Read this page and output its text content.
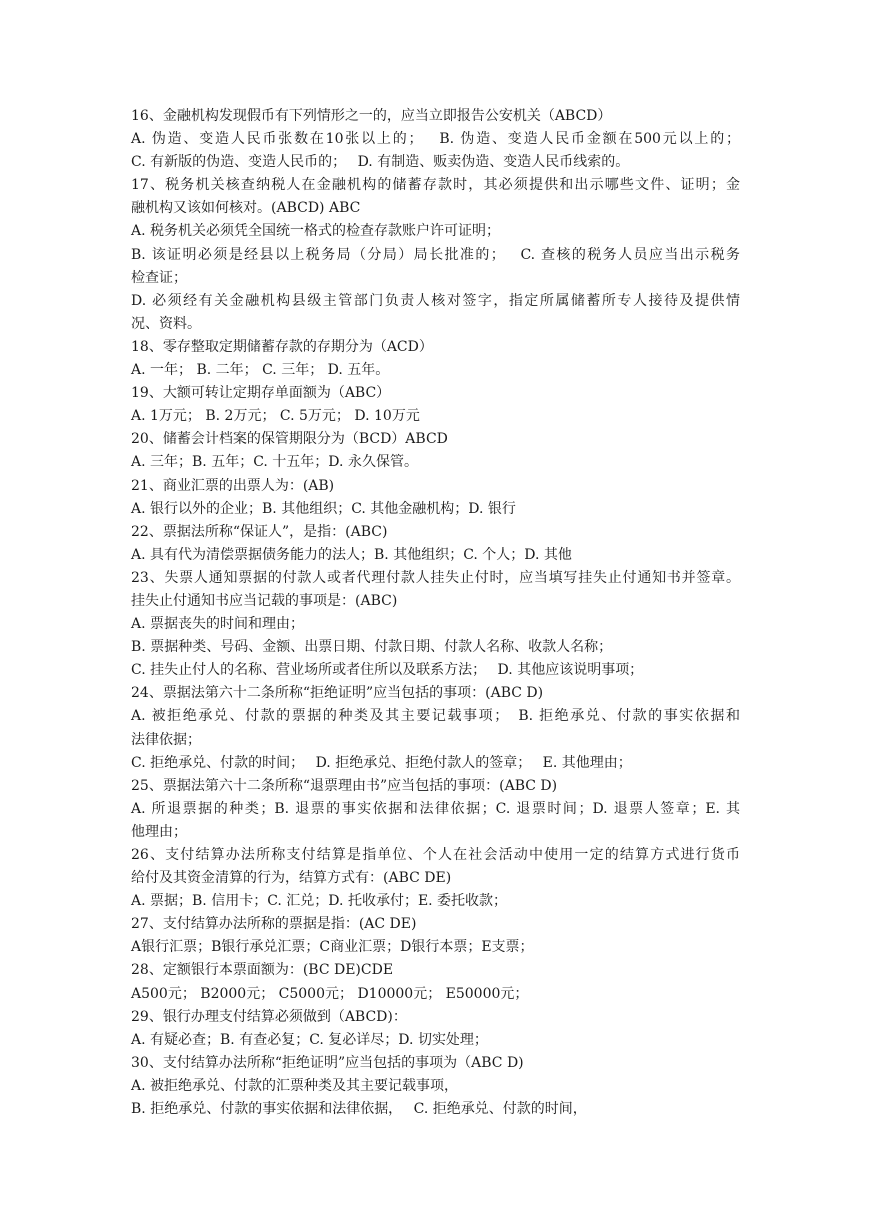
16、金融机构发现假币有下列情形之一的，应当立即报告公安机关（ABCD）
A. 伪造、变造人民币张数在10张以上的；　 B. 伪造、变造人民币金额在500元以上的；
C. 有新版的伪造、变造人民币的；　 D. 有制造、贩卖伪造、变造人民币线索的。
17、税务机关核查纳税人在金融机构的储蓄存款时，其必须提供和出示哪些文件、证明；金
融机构又该如何核对。(ABCD) ABC
A. 税务机关必须凭全国统一格式的检查存款账户许可证明；
B. 该证明必须是经县以上税务局（分局）局长批准的；　 C. 查核的税务人员应当出示税务
检查证；
D. 必须经有关金融机构县级主管部门负责人核对签字，指定所属储蓄所专人接待及提供情
况、资料。
18、零存整取定期储蓄存款的存期分为（ACD）
A. 一年； B. 二年； C. 三年； D. 五年。
19、大额可转让定期存单面额为（ABC）
A. 1万元； B. 2万元； C. 5万元； D. 10万元
20、储蓄会计档案的保管期限分为（BCD）ABCD
A. 三年；B. 五年；C. 十五年；D. 永久保管。
21、商业汇票的出票人为：(AB)
A. 银行以外的企业；B. 其他组织；C. 其他金融机构；D. 银行
22、票据法所称“保证人”，是指：(ABC)
A. 具有代为清偿票据债务能力的法人；B. 其他组织；C. 个人；D. 其他
23、失票人通知票据的付款人或者代理付款人挂失止付时，应当填写挂失止付通知书并签章。
挂失止付通知书应当记载的事项是：(ABC)
A. 票据丧失的时间和理由；
B. 票据种类、号码、金额、出票日期、付款日期、付款人名称、收款人名称；
C. 挂失止付人的名称、营业场所或者住所以及联系方法；　 D. 其他应该说明事项；
24、票据法第六十二条所称“拒绝证明”应当包括的事项：(ABC D)
A. 被拒绝承兑、付款的票据的种类及其主要记载事项；　B. 拒绝承兑、付款的事实依据和
法律依据；
C. 拒绝承兑、付款的时间；　 D. 拒绝承兑、拒绝付款人的签章；　 E. 其他理由；
25、票据法第六十二条所称“退票理由书”应当包括的事项：(ABC D)
A. 所退票据的种类；B. 退票的事实依据和法律依据；C. 退票时间；D. 退票人签章；E. 其
他理由；
26、支付结算办法所称支付结算是指单位、个人在社会活动中使用一定的结算方式进行货币
给付及其资金清算的行为，结算方式有：(ABC DE)
A. 票据；B. 信用卡；C. 汇兑；D. 托收承付；E. 委托收款；
27、支付结算办法所称的票据是指：(AC DE)
A银行汇票；B银行承兑汇票；C商业汇票；D银行本票；E支票；
28、定额银行本票面额为：(BC DE)CDE
A500元； B2000元； C5000元； D10000元； E50000元；
29、银行办理支付结算必须做到（ABCD)：
A. 有疑必查；B. 有查必复；C. 复必详尽；D. 切实处理；
30、支付结算办法所称“拒绝证明”应当包括的事项为（ABC D)
A. 被拒绝承兑、付款的汇票种类及其主要记载事项，
B. 拒绝承兑、付款的事实依据和法律依据，　 C. 拒绝承兑、付款的时间，
